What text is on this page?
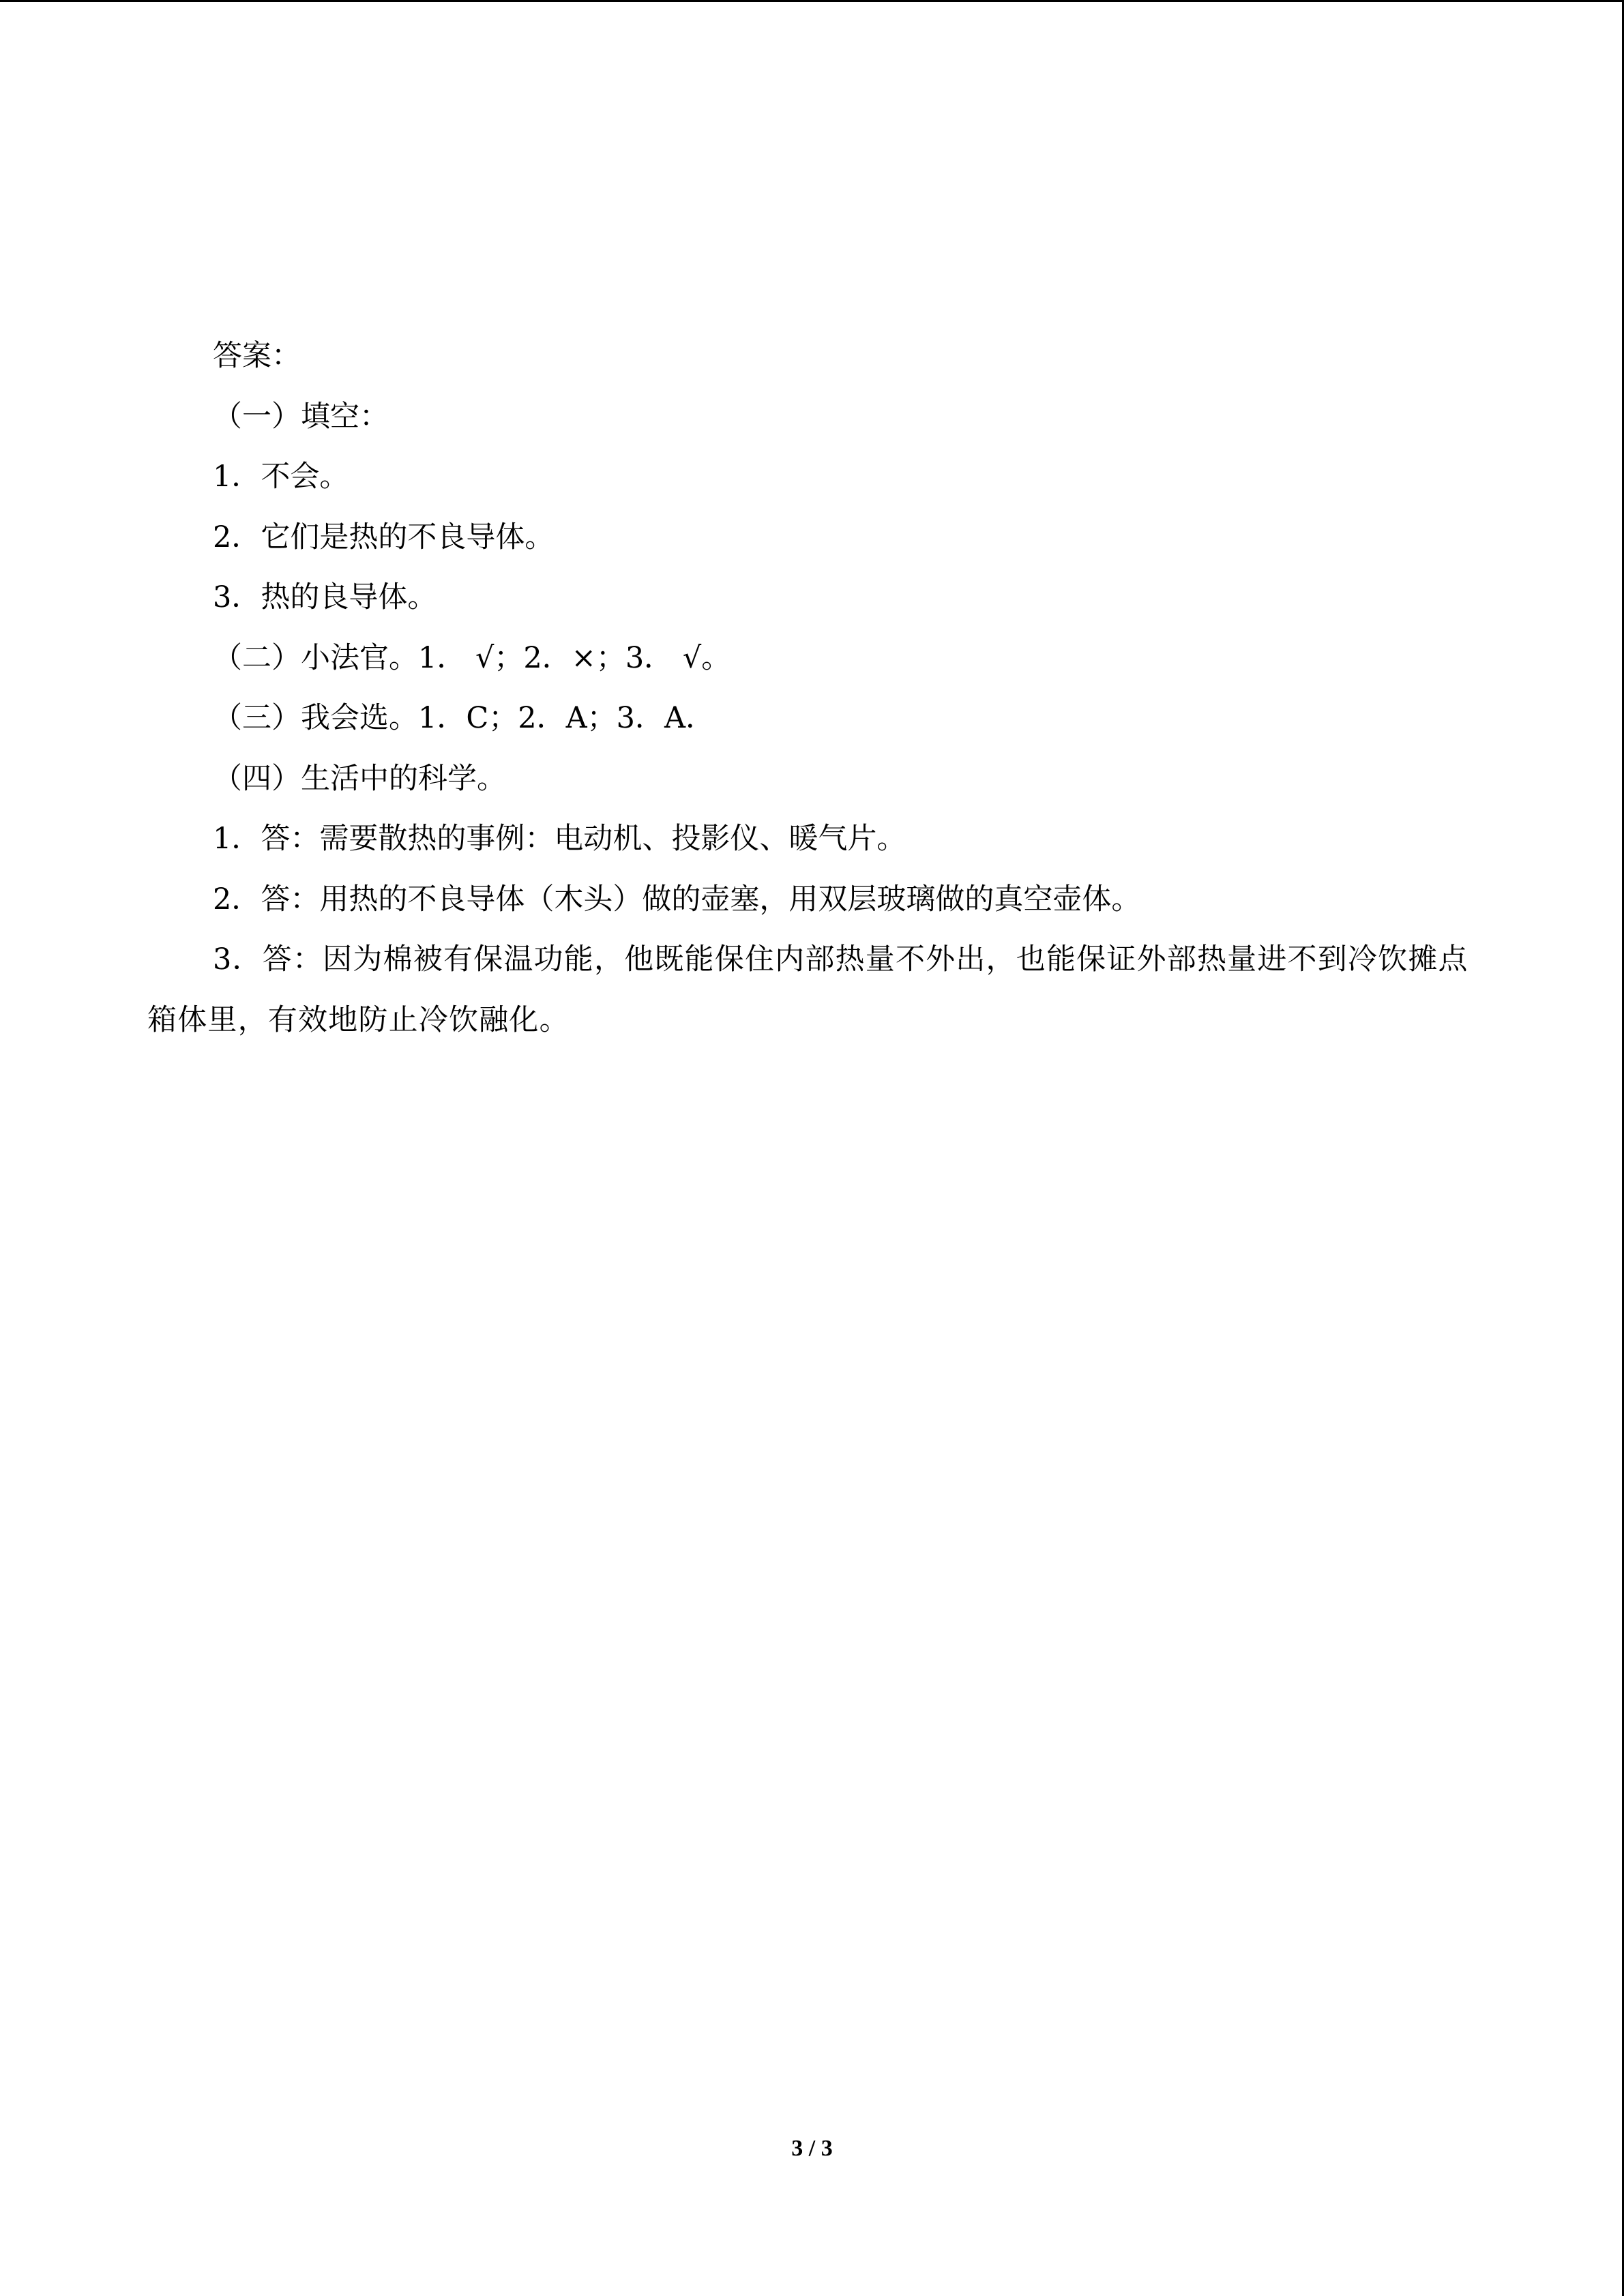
答案：
（一）填空：
1．不会。
2．它们是热的不良导体。
3．热的良导体。
（二）小法官。1． √；2．×；3． √。
（三）我会选。1．C；2．A；3．A．
（四）生活中的科学。
1．答：需要散热的事例：电动机、投影仪、暖气片。
2．答：用热的不良导体（木头）做的壶塞，用双层玻璃做的真空壶体。
3．答：因为棉被有保温功能，他既能保住内部热量不外出，也能保证外部热量进不到冷饮摊点箱体里，有效地防止冷饮融化。
3 / 3
